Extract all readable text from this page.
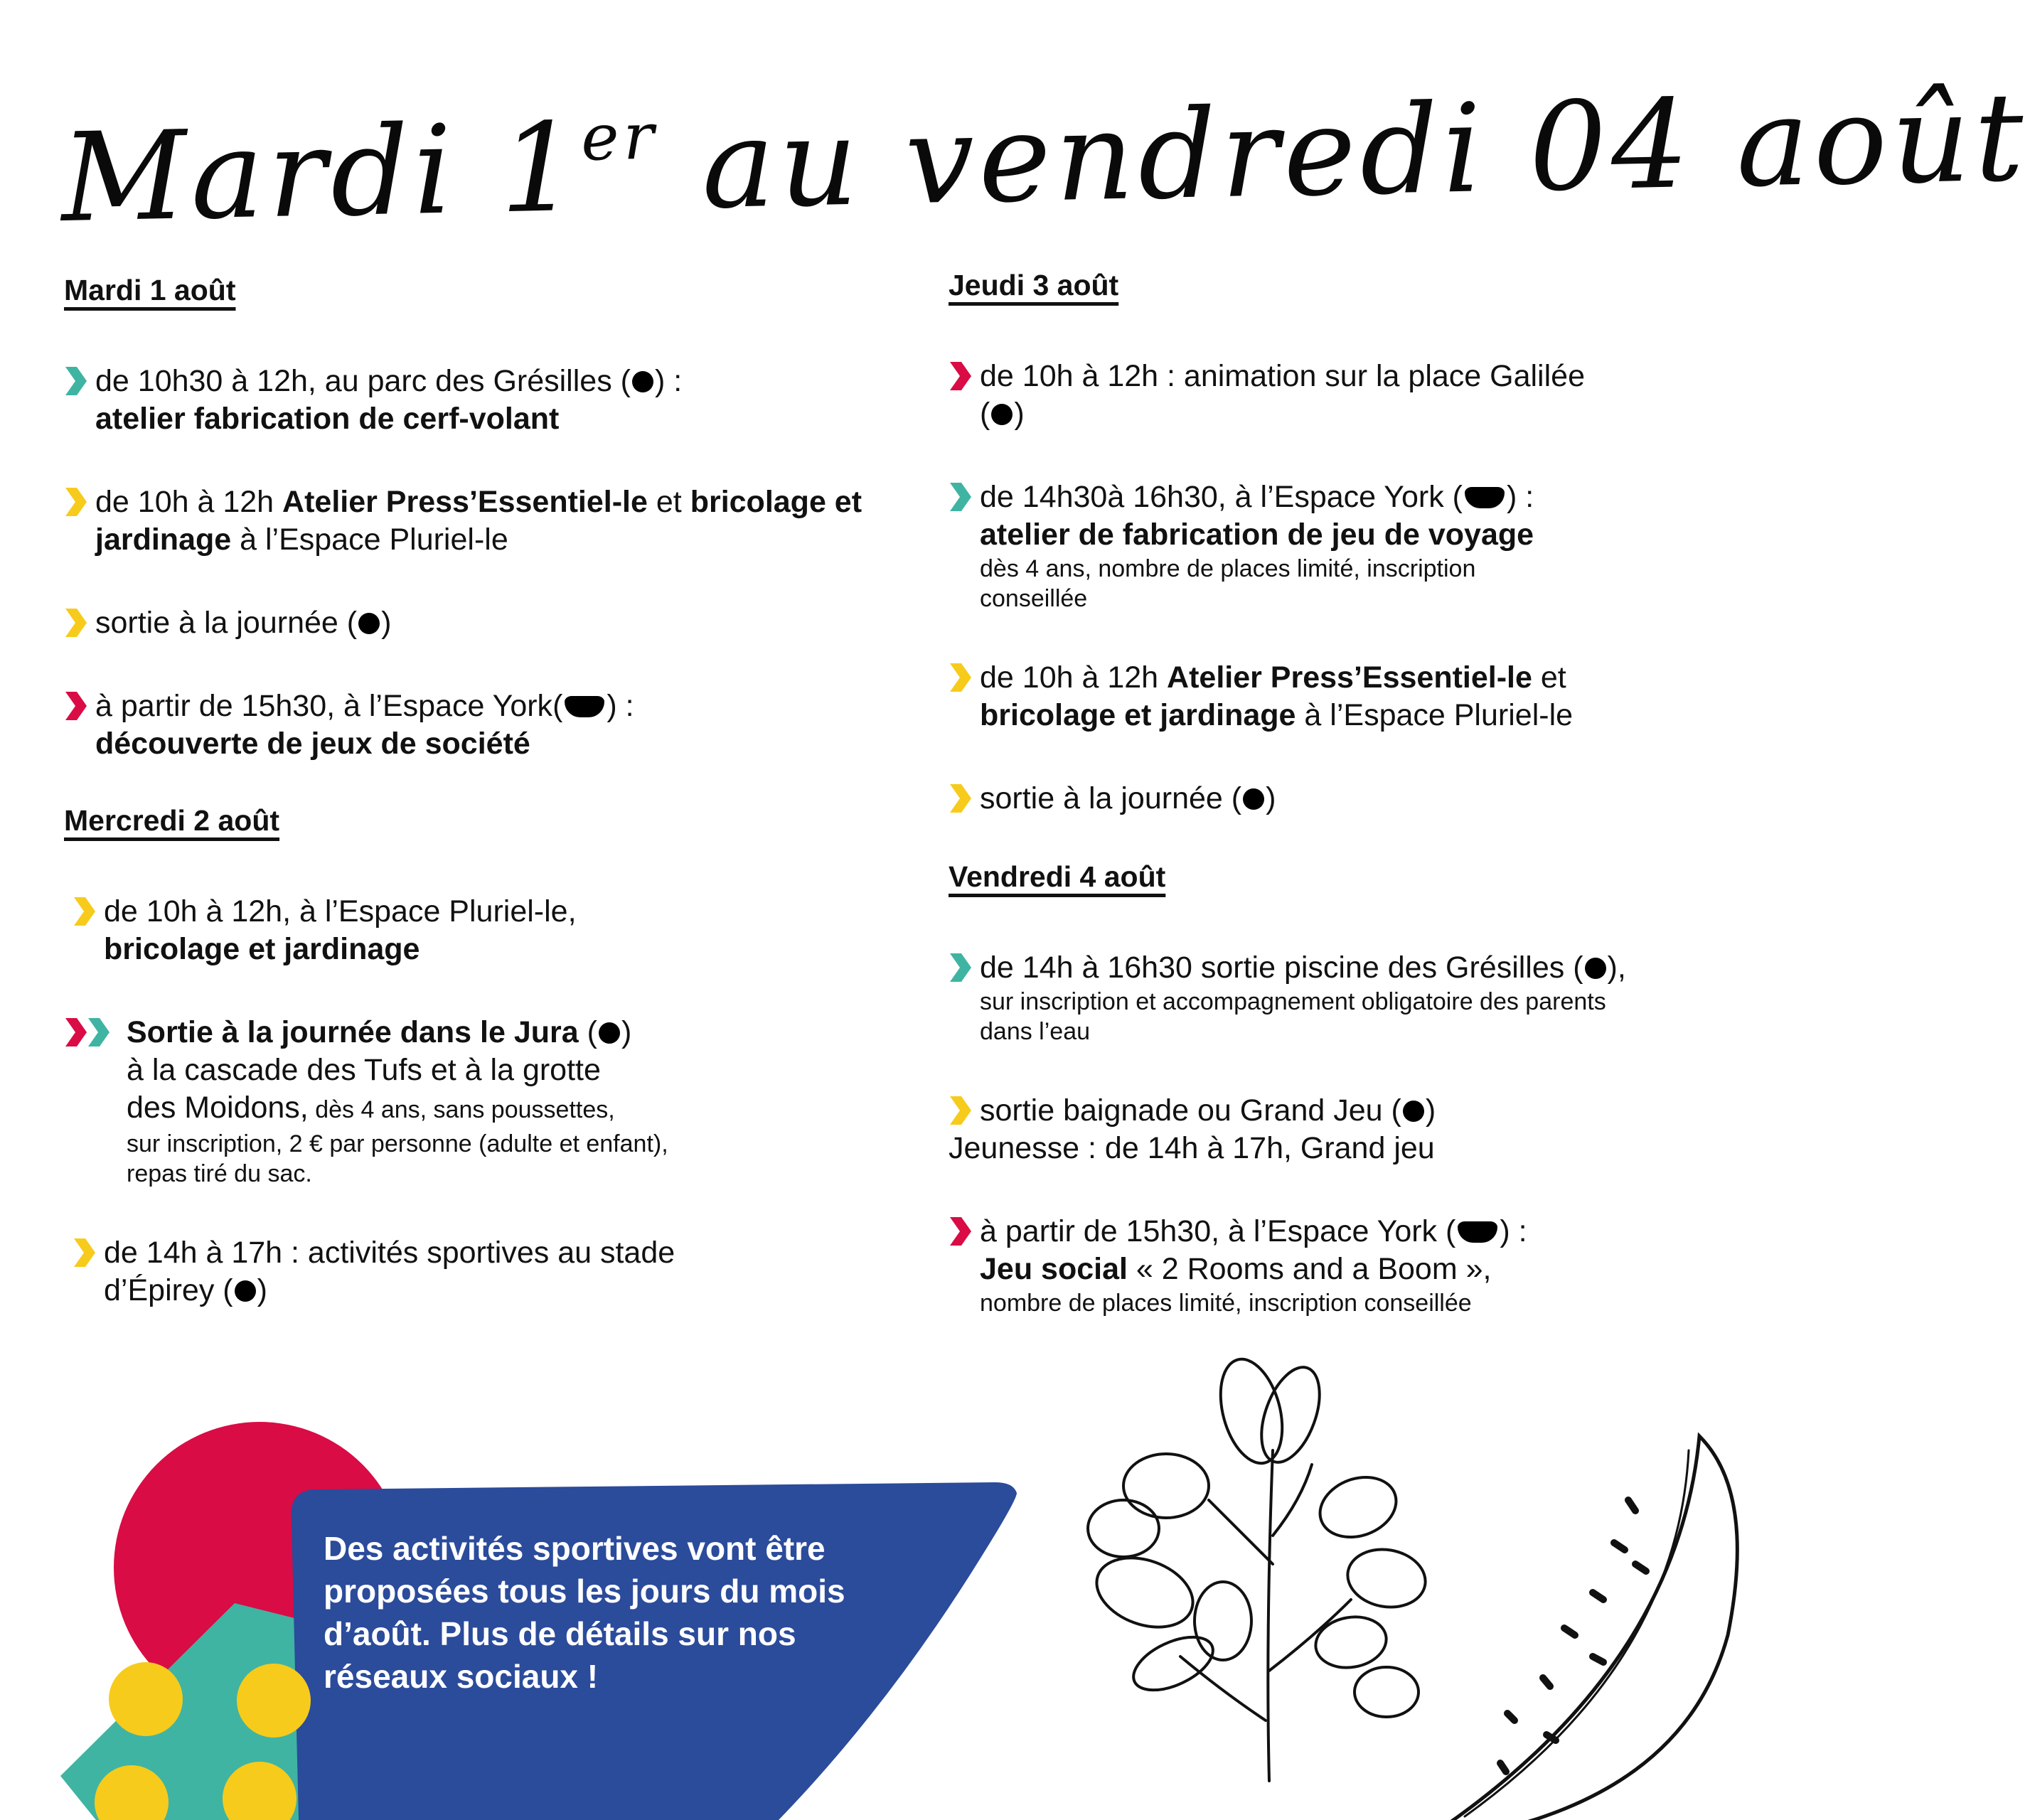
Mardi 1er au vendredi 04 août
Mardi 1 août
de 10h30 à 12h, au parc des Grésilles ( ) :
atelier fabrication de cerf-volant
de 10h à 12h Atelier Press’Essentiel-le et bricolage et jardinage à l’Espace Pluriel-le
sortie à la journée ( )
à partir de 15h30, à l’Espace York( ) :
découverte de jeux de société
Mercredi 2 août
de 10h à 12h, à l’Espace Pluriel-le,
bricolage et jardinage
Sortie à la journée dans le Jura ( )
à la cascade des Tufs et à la grotte
des Moidons, dès 4 ans, sans poussettes,
sur inscription, 2 € par personne (adulte et enfant), repas tiré du sac.
de 14h à 17h : activités sportives au stade d’Épirey ( )
Jeudi 3 août
de 10h à 12h : animation sur la place Galilée ( )
de 14h30à 16h30, à l’Espace York ( ) :
atelier de fabrication de jeu de voyage
dès 4 ans, nombre de places limité, inscription conseillée
de 10h à 12h Atelier Press’Essentiel-le et bricolage et jardinage à l’Espace Pluriel-le
sortie à la journée ( )
Vendredi 4 août
de 14h à 16h30 sortie piscine des Grésilles ( ),
sur inscription et accompagnement obligatoire des parents dans l’eau
sortie baignade ou Grand Jeu ( )
Jeunesse : de 14h à 17h, Grand jeu
à partir de 15h30, à l’Espace York ( ) :
Jeu social « 2 Rooms and a Boom »,
nombre de places limité, inscription conseillée
Des activités sportives vont être proposées tous les jours du mois d’août. Plus de détails sur nos réseaux sociaux !
